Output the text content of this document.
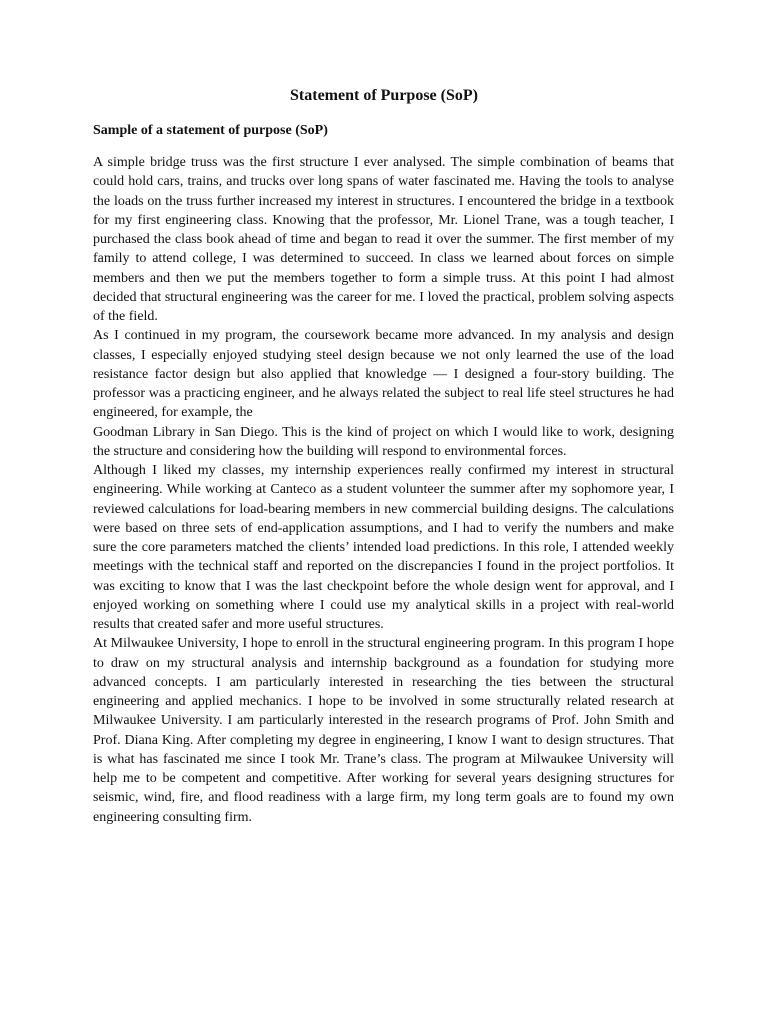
Statement of Purpose (SoP)
Sample of a statement of purpose (SoP)

A simple bridge truss was the first structure I ever analysed. The simple combination of beams that could hold cars, trains, and trucks over long spans of water fascinated me. Having the tools to analyse the loads on the truss further increased my interest in structures. I encountered the bridge in a textbook for my first engineering class. Knowing that the professor, Mr. Lionel Trane, was a tough teacher, I purchased the class book ahead of time and began to read it over the summer. The first member of my family to attend college, I was determined to succeed. In class we learned about forces on simple members and then we put the members together to form a simple truss. At this point I had almost decided that structural engineering was the career for me. I loved the practical, problem solving aspects of the field.

As I continued in my program, the coursework became more advanced. In my analysis and design classes, I especially enjoyed studying steel design because we not only learned the use of the load resistance factor design but also applied that knowledge — I designed a four-story building. The professor was a practicing engineer, and he always related the subject to real life steel structures he had engineered, for example, the

Goodman Library in San Diego. This is the kind of project on which I would like to work, designing the structure and considering how the building will respond to environmental forces.

Although I liked my classes, my internship experiences really confirmed my interest in structural engineering. While working at Canteco as a student volunteer the summer after my sophomore year, I reviewed calculations for load-bearing members in new commercial building designs. The calculations were based on three sets of end-application assumptions, and I had to verify the numbers and make sure the core parameters matched the clients’ intended load predictions. In this role, I attended weekly meetings with the technical staff and reported on the discrepancies I found in the project portfolios. It was exciting to know that I was the last checkpoint before the whole design went for approval, and I enjoyed working on something where I could use my analytical skills in a project with real-world results that created safer and more useful structures.

At Milwaukee University, I hope to enroll in the structural engineering program. In this program I hope to draw on my structural analysis and internship background as a foundation for studying more advanced concepts. I am particularly interested in researching the ties between the structural engineering and applied mechanics. I hope to be involved in some structurally related research at Milwaukee University. I am particularly interested in the research programs of Prof. John Smith and Prof. Diana King. After completing my degree in engineering, I know I want to design structures. That is what has fascinated me since I took Mr. Trane’s class. The program at Milwaukee University will help me to be competent and competitive. After working for several years designing structures for seismic, wind, fire, and flood readiness with a large firm, my long term goals are to found my own engineering consulting firm.
